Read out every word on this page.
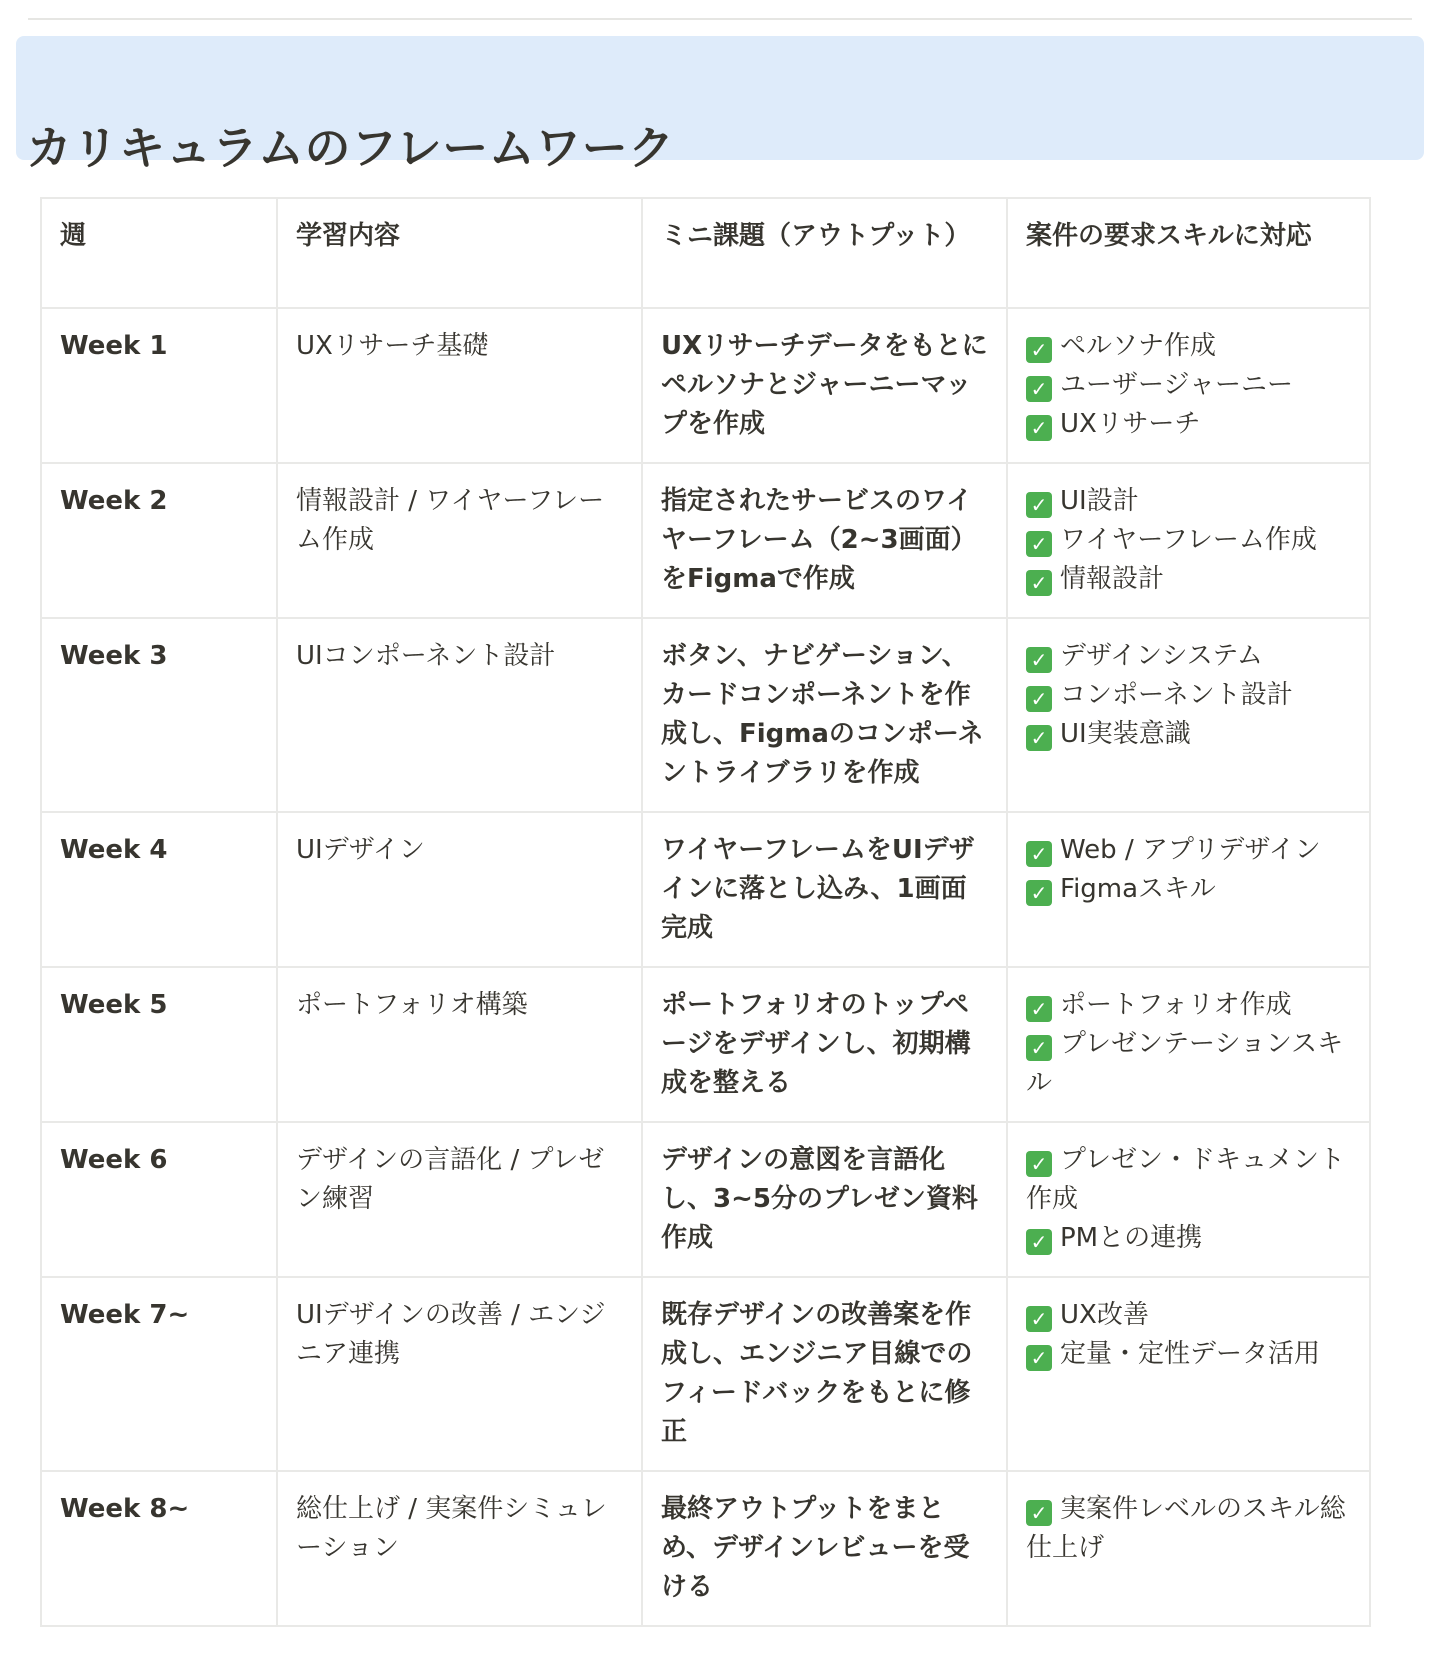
カリキュラムのフレームワーク
週	学習内容	ミニ課題（アウトプット）	案件の要求スキルに対応
Week 1	UXリサーチ基礎	UXリサーチデータをもとにペルソナとジャーニーマップを作成	✓ ペルソナ作成
✓ ユーザージャーニー
✓ UXリサーチ

Week 2	情報設計 / ワイヤーフレーム作成	指定されたサービスのワイヤーフレーム（2~3画面）をFigmaで作成	✓ UI設計
✓ ワイヤーフレーム作成
✓ 情報設計

Week 3	UIコンポーネント設計	ボタン、ナビゲーション、カードコンポーネントを作成し、Figmaのコンポーネントライブラリを作成	✓ デザインシステム
✓ コンポーネント設計
✓ UI実装意識

Week 4	UIデザイン	ワイヤーフレームをUIデザインに落とし込み、1画面完成	✓ Web / アプリデザイン
✓ Figmaスキル

Week 5	ポートフォリオ構築	ポートフォリオのトップページをデザインし、初期構成を整える	✓ ポートフォリオ作成
✓ プレゼンテーションスキル

Week 6	デザインの言語化 / プレゼン練習	デザインの意図を言語化し、3~5分のプレゼン資料作成	✓ プレゼン・ドキュメント作成
✓ PMとの連携

Week 7~	UIデザインの改善 / エンジニア連携	既存デザインの改善案を作成し、エンジニア目線でのフィードバックをもとに修正	✓ UX改善
✓ 定量・定性データ活用

Week 8~	総仕上げ / 実案件シミュレーション	最終アウトプットをまとめ、デザインレビューを受ける	✓ 実案件レベルのスキル総仕上げ
